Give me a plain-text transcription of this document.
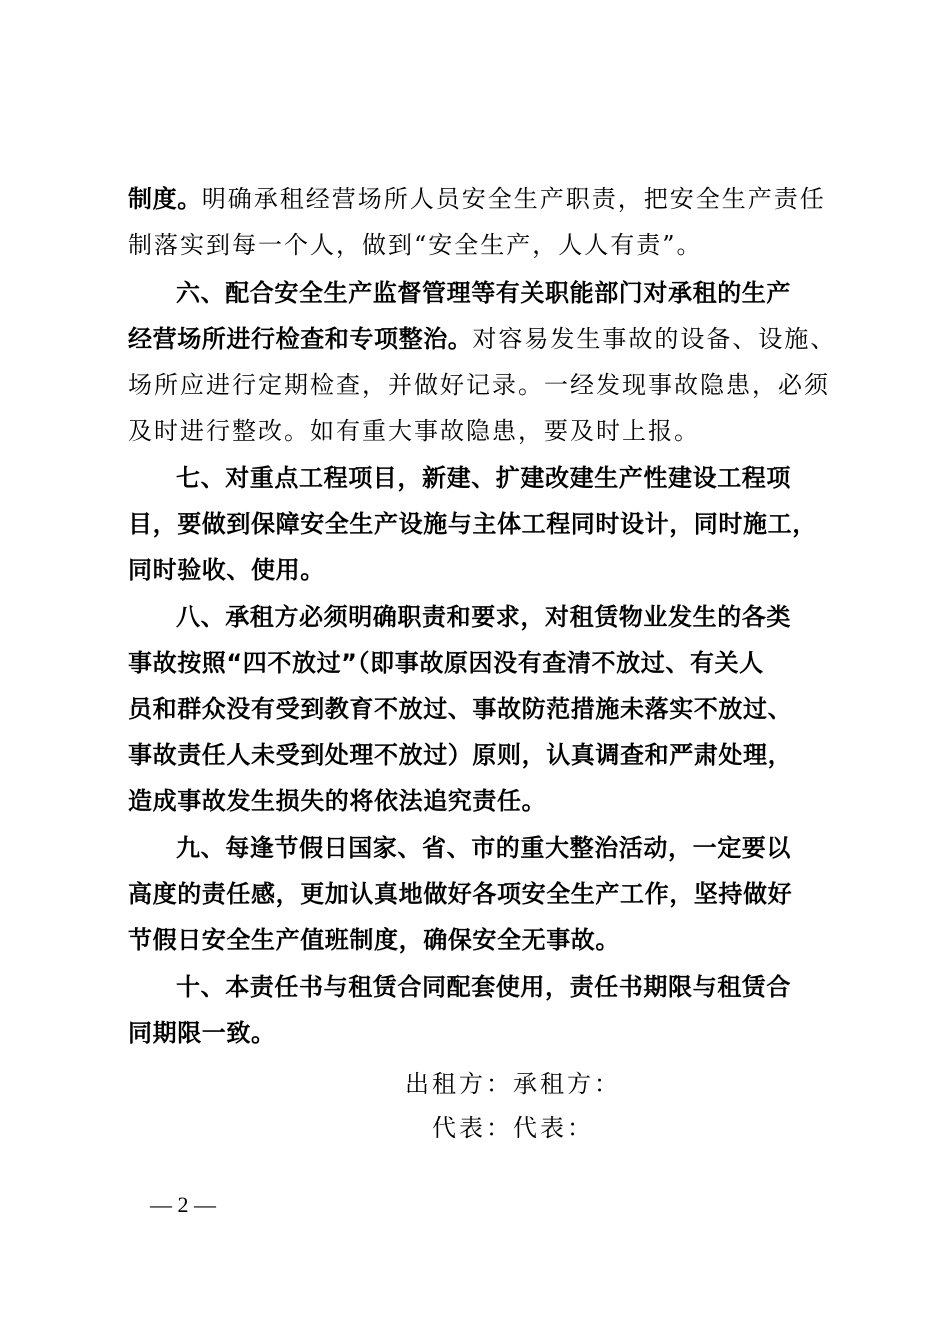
制度。明确承租经营场所人员安全生产职责，把安全生产责任
制落实到每一个人，做到“安全生产，人人有责”。
六、配合安全生产监督管理等有关职能部门对承租的生产
经营场所进行检查和专项整治。对容易发生事故的设备、设施、
场所应进行定期检查，并做好记录。一经发现事故隐患，必须
及时进行整改。如有重大事故隐患，要及时上报。
七、对重点工程项目，新建、扩建改建生产性建设工程项
目，要做到保障安全生产设施与主体工程同时设计，同时施工，
同时验收、使用。
八、承租方必须明确职责和要求，对租赁物业发生的各类
事故按照“四不放过”（即事故原因没有查清不放过、有关人
员和群众没有受到教育不放过、事故防范措施未落实不放过、
事故责任人未受到处理不放过）原则，认真调查和严肃处理，
造成事故发生损失的将依法追究责任。
九、每逢节假日国家、省、市的重大整治活动，一定要以
高度的责任感，更加认真地做好各项安全生产工作，坚持做好
节假日安全生产值班制度，确保安全无事故。
十、本责任书与租赁合同配套使用，责任书期限与租赁合
同期限一致。
出租方：承租方：
代表：代表：
— 2 —
